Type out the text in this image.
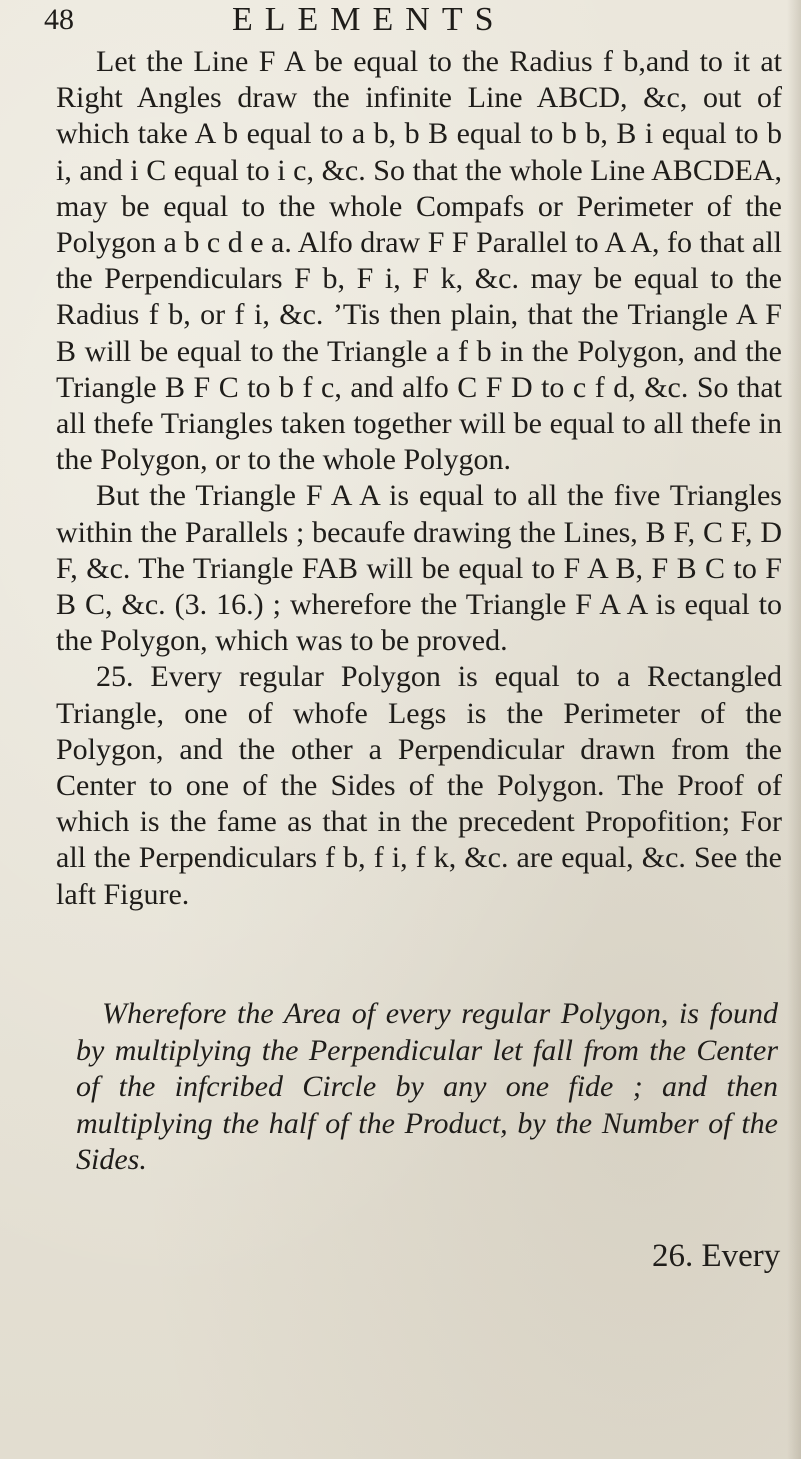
48	ELEMENTS

Let the Line F A be equal to the Radius f b,and to it at Right Angles draw the infinite Line ABCD, &c, out of which take A b equal to a b, b B equal to b b, B i equal to b i, and i C equal to i c, &c. So that the whole Line ABCDEA, may be equal to the whole Compafs or Perimeter of the Polygon a b c d e a. Alfo draw F F Parallel to A A, fo that all the Perpendiculars F b, F i, F k, &c. may be equal to the Radius f b, or f i, &c. ’Tis then plain, that the Triangle A F B will be equal to the Triangle a f b in the Polygon, and the Triangle B F C to b f c, and alfo C F D to c f d, &c. So that all thefe Triangles taken together will be equal to all thefe in the Polygon, or to the whole Polygon.

But the Triangle F A A is equal to all the five Triangles within the Parallels ; becaufe drawing the Lines, B F, C F, D F, &c. The Triangle FAB will be equal to F A B, F B C to F B C, &c. (3. 16.) ; wherefore the Triangle F A A is equal to the Polygon, which was to be proved.

25. Every regular Polygon is equal to a Rectangled Triangle, one of whofe Legs is the Perimeter of the Polygon, and the other a Perpendicular drawn from the Center to one of the Sides of the Polygon. The Proof of which is the fame as that in the precedent Propofition; For all the Perpendiculars f b, f i, f k, &c. are equal, &c. See the laft Figure.

Wherefore the Area of every regular Polygon, is found by multiplying the Perpendicular let fall from the Center of the infcribed Circle by any one fide ; and then multiplying the half of the Product, by the Number of the Sides.

26. Every
